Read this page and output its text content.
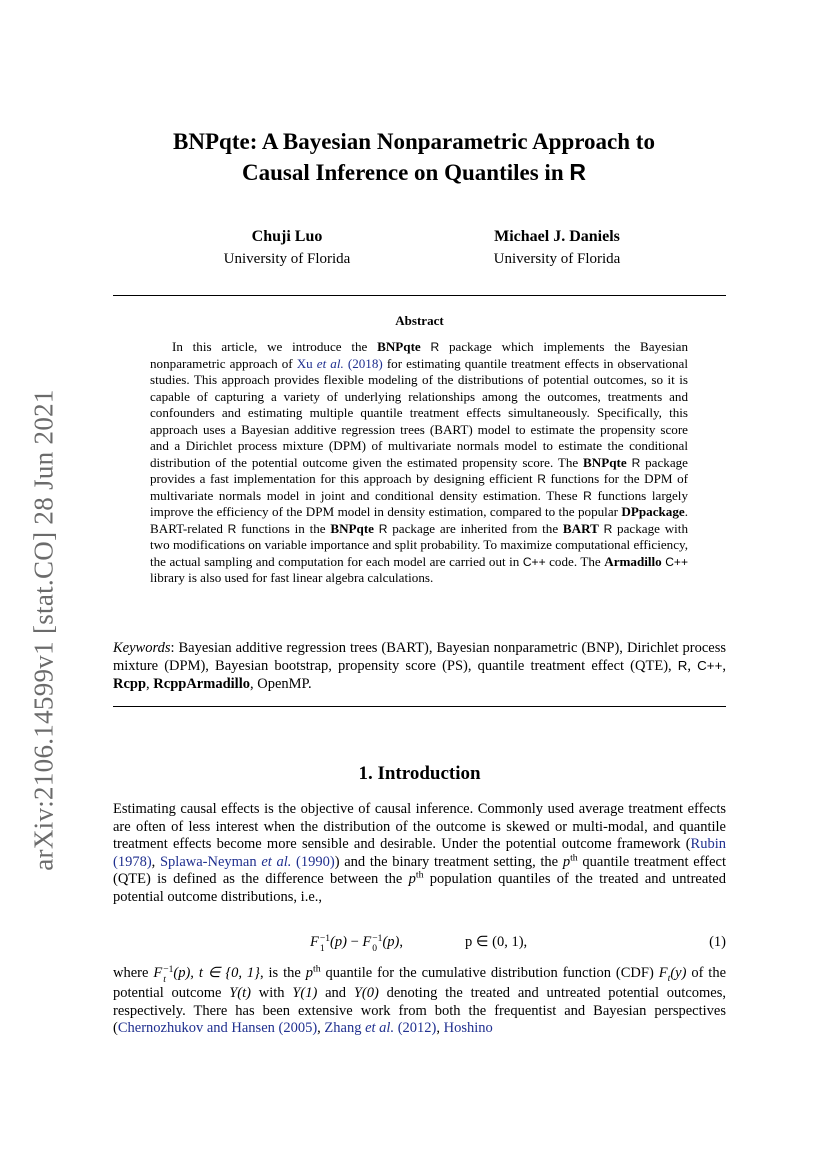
arXiv:2106.14599v1 [stat.CO] 28 Jun 2021
BNPqte: A Bayesian Nonparametric Approach to
Causal Inference on Quantiles in R
Chuji Luo
University of Florida
Michael J. Daniels
University of Florida
Abstract
In this article, we introduce the BNPqte R package which implements the Bayesian nonparametric approach of Xu et al. (2018) for estimating quantile treatment effects in observational studies. This approach provides flexible modeling of the distributions of potential outcomes, so it is capable of capturing a variety of underlying relationships among the outcomes, treatments and confounders and estimating multiple quantile treatment effects simultaneously. Specifically, this approach uses a Bayesian additive regression trees (BART) model to estimate the propensity score and a Dirichlet process mixture (DPM) of multivariate normals model to estimate the conditional distribution of the potential outcome given the estimated propensity score. The BNPqte R package provides a fast implementation for this approach by designing efficient R functions for the DPM of multivariate normals model in joint and conditional density estimation. These R functions largely improve the efficiency of the DPM model in density estimation, compared to the popular DPpackage. BART-related R functions in the BNPqte R package are inherited from the BART R package with two modifications on variable importance and split probability. To maximize computational efficiency, the actual sampling and computation for each model are carried out in C++ code. The Armadillo C++ library is also used for fast linear algebra calculations.
Keywords: Bayesian additive regression trees (BART), Bayesian nonparametric (BNP), Dirichlet process mixture (DPM), Bayesian bootstrap, propensity score (PS), quantile treatment effect (QTE), R, C++, Rcpp, RcppArmadillo, OpenMP.
1. Introduction
Estimating causal effects is the objective of causal inference. Commonly used average treatment effects are often of less interest when the distribution of the outcome is skewed or multi-modal, and quantile treatment effects become more sensible and desirable. Under the potential outcome framework (Rubin (1978), Splawa-Neyman et al. (1990)) and the binary treatment setting, the $p^{th}$ quantile treatment effect (QTE) is defined as the difference between the $p^{th}$ population quantiles of the treated and untreated potential outcome distributions, i.e.,
F −1
1 (p) − F −1
0 (p),	p ∈ (0, 1),	(1)
where F −1
t (p), t ∈ {0, 1}, is the $p^{th}$ quantile for the cumulative distribution function (CDF) $F_t(y)$ of the potential outcome Y(t) with Y(1) and Y(0) denoting the treated and untreated potential outcomes, respectively. There has been extensive work from both the frequentist and Bayesian perspectives (Chernozhukov and Hansen (2005), Zhang et al. (2012), Hoshino
